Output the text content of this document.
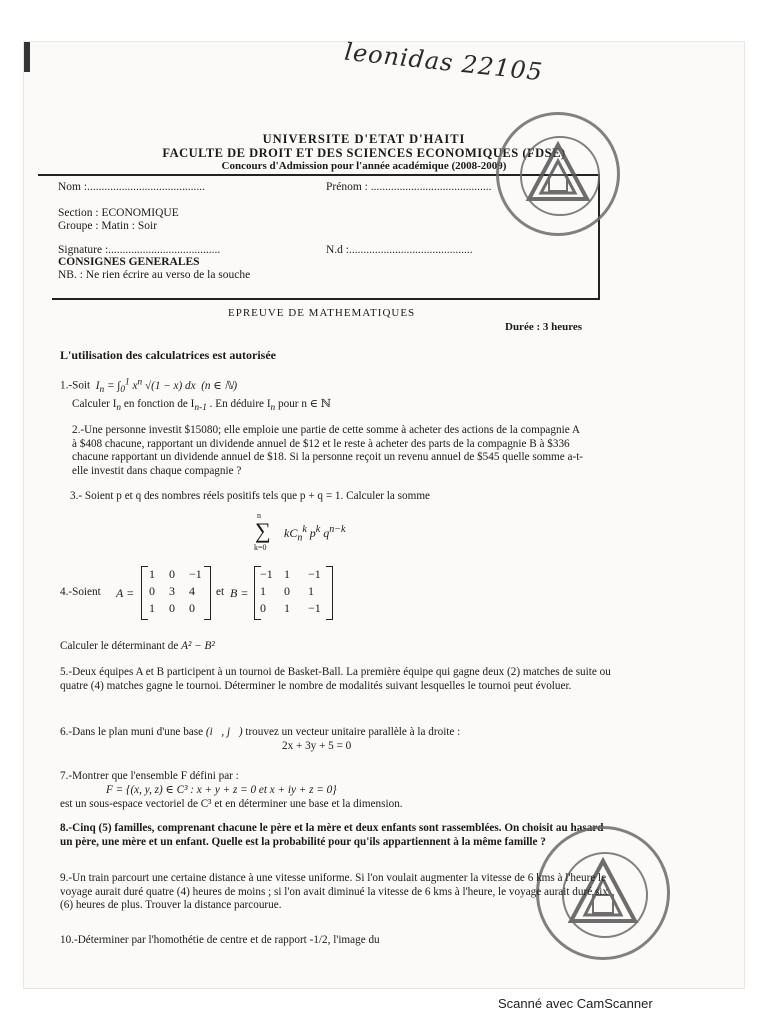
leonidas 22105
UNIVERSITE D'ETAT D'HAITI
FACULTE DE DROIT ET DES SCIENCES ECONOMIQUES (FDSE)
Concours d'Admission pour l'année académique (2008-2009)
Nom :.........................................	Prénom : ..........................................
Section : ECONOMIQUE
Groupe : Matin : Soir
Signature :.......................................	N.d :...........................................
CONSIGNES GENERALES
NB. : Ne rien écrire au verso de la souche
EPREUVE DE MATHEMATIQUES
Durée : 3 heures
L'utilisation des calculatrices est autorisée
1.-Soit  $I_n = \int_0^1$ $x^n$ √(1 − x) dx  (n ∈ ℕ)
Calculer $I_n$ en fonction de $I_{n-1}$ . En déduire $I_n$ pour n ∈ ℕ
2.-Une personne investit $15080; elle emploie une partie de cette somme à acheter des actions de la compagnie A à $408 chacune, rapportant un dividende annuel de $12 et le reste à acheter des parts de la compagnie B à $336 chacune rapportant un dividende annuel de $18. Si la personne reçoit un revenu annuel de $545 quelle somme a-t-elle investit dans chaque compagnie ?
3.- Soient p et q des nombres réels positifs tels que p + q = 1. Calculer la somme
∑
n
k=0
$kC_n^k$ $p^k$ $q^{n-k}$
4.-Soient	A =
1 0 −1
0 3 4
1 0 0
et B =
−1 1 −1
1 0 1
0 1 −1
Calculer le déterminant de A² − B²
5.-Deux équipes A et B participent à un tournoi de Basket-Ball. La première équipe qui gagne deux (2) matches de suite ou quatre (4) matches gagne le tournoi. Déterminer le nombre de modalités suivant lesquelles le tournoi peut évoluer.
6.-Dans le plan muni d'une base (i⃗, j⃗) trouvez un vecteur unitaire parallèle à la droite :
2x + 3y + 5 = 0
7.-Montrer que l'ensemble F défini par :
F = {(x, y, z) ∈ C³ : x + y + z = 0 et x + iy + z = 0}
est un sous-espace vectoriel de C³ et en déterminer une base et la dimension.
8.-Cinq (5) familles, comprenant chacune le père et la mère et deux enfants sont rassemblées. On choisit au hasard un père, une mère et un enfant. Quelle est la probabilité pour qu'ils appartiennent à la même famille ?
9.-Un train parcourt une certaine distance à une vitesse uniforme. Si l'on voulait augmenter la vitesse de 6 kms à l'heure le voyage aurait duré quatre (4) heures de moins ; si l'on avait diminué la vitesse de 6 kms à l'heure, le voyage aurait duré six (6) heures de plus. Trouver la distance parcourue.
10.-Déterminer par l'homothétie de centre et de rapport -1/2, l'image du
Scanné avec CamScanner
